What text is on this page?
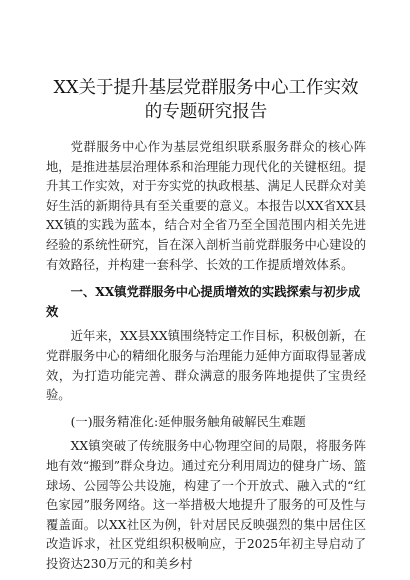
XX关于提升基层党群服务中心工作实效的专题研究报告

党群服务中心作为基层党组织联系服务群众的核心阵地，是推进基层治理体系和治理能力现代化的关键枢纽。提升其工作实效，对于夯实党的执政根基、满足人民群众对美好生活的新期待具有至关重要的意义。本报告以XX省XX县XX镇的实践为蓝本，结合对全省乃至全国范围内相关先进经验的系统性研究，旨在深入剖析当前党群服务中心建设的有效路径，并构建一套科学、长效的工作提质增效体系。

一、XX镇党群服务中心提质增效的实践探索与初步成效

近年来，XX县XX镇围绕特定工作目标，积极创新，在党群服务中心的精细化服务与治理能力延伸方面取得显著成效，为打造功能完善、群众满意的服务阵地提供了宝贵经验。

(一)服务精准化:延伸服务触角破解民生难题

XX镇突破了传统服务中心物理空间的局限，将服务阵地有效“搬到”群众身边。通过充分利用周边的健身广场、篮球场、公园等公共设施，构建了一个开放式、融入式的“红色家园”服务网络。这一举措极大地提升了服务的可及性与覆盖面。以XX社区为例，针对居民反映强烈的集中居住区改造诉求，社区党组织积极响应，于2025年初主导启动了投资达230万元的和美乡村
